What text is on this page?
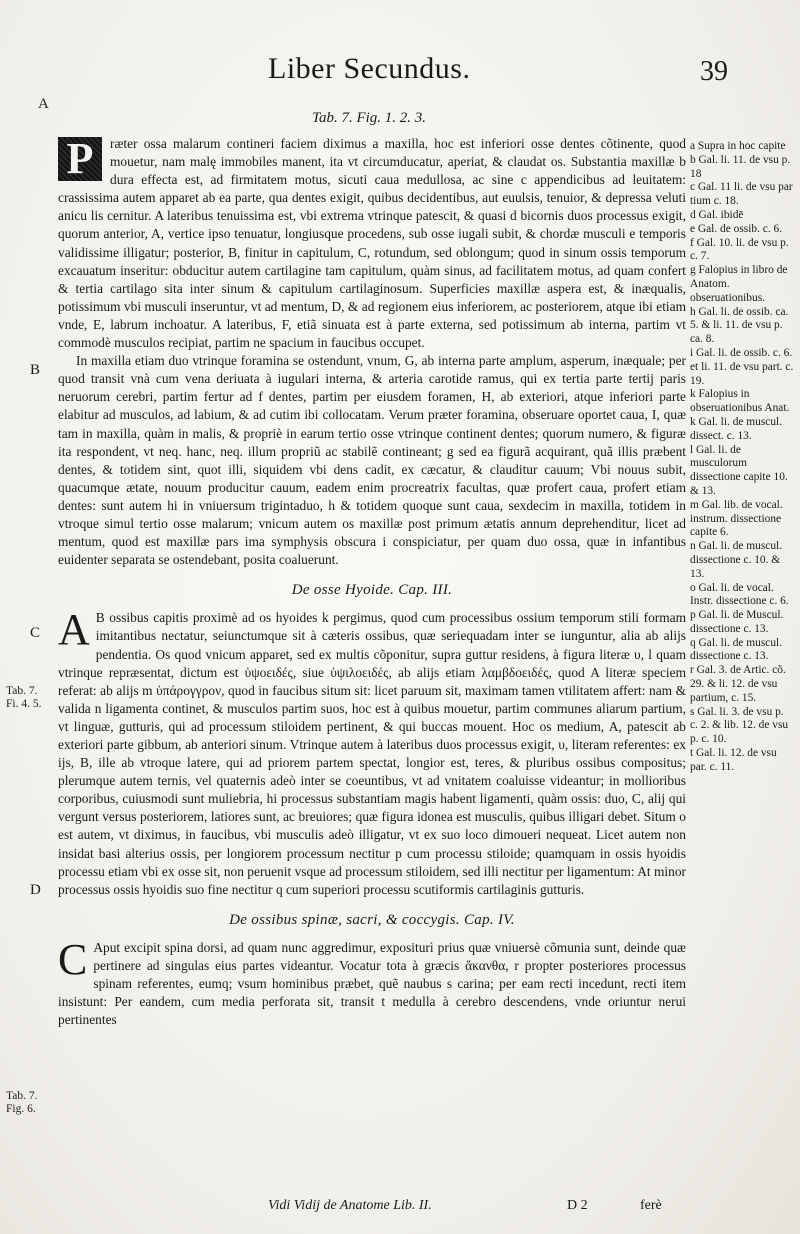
Liber Secundus.	39
A
B
C
D
Tab. 7. Fig. 1. 2. 3.
Tab. 7. Fi. 4. 5.
Tab. 7. Fig. 6.

P	ræter ossa malarum contineri faciem diximus a maxilla, hoc est inferiori osse dentes cõtinente, quod mouetur, nam malę immobiles manent, ita vt circumducatur, aperiat, & claudat os. Substantia maxillæ b dura effecta est, ad firmitatem motus, sicuti caua medullosa, ac sine c appendicibus ad leuitatem: crassissima autem apparet ab ea parte, qua dentes exigit, quibus decidentibus, aut euulsis, tenuior, & depressa veluti anicu lis cernitur. A lateribus tenuissima est, vbi extrema vtrinque patescit, & quasi d bicornis duos processus exigit, quorum anterior, A, vertice ipso tenuatur, longiusque procedens, sub osse iugali subit, & chordæ musculi e temporis validissime illigatur; posterior, B, finitur in capitulum, C, rotundum, sed oblongum; quod in sinum ossis temporum excauatum inseritur: obducitur autem cartilagine tam capitulum, quàm sinus, ad facilitatem motus, ad quam confert & tertia cartilago sita inter sinum & capitulum cartilaginosum. Superficies maxillæ aspera est, & inæqualis, potissimum vbi musculi inseruntur, vt ad mentum, D, & ad regionem eius inferiorem, ac posteriorem, atque ibi etiam vnde, E, labrum inchoatur. A lateribus, F, etiã sinuata est à parte externa, sed potissimum ab interna, partim vt commodè musculos recipiat, partim ne spacium in faucibus occupet.

In maxilla etiam duo vtrinque foramina se ostendunt, vnum, G, ab interna parte amplum, asperum, inæquale; per quod transit vnà cum vena deriuata à iugulari interna, & arteria carotide ramus, qui ex tertia parte tertij paris neruorum cerebri, partim fertur ad f dentes, partim per eiusdem foramen, H, ab exteriori, atque inferiori parte elabitur ad musculos, ad labium, & ad cutim ibi collocatam. Verum præter foramina, obseruare oportet caua, I, quæ tam in maxilla, quàm in malis, & propriè in earum tertio osse vtrinque continent dentes; quorum numero, & figuræ ita respondent, vt neq. hanc, neq. illum propriũ ac stabilẽ contineant; g sed ea figurã acquirant, quã illis præbent dentes, & totidem sint, quot illi, siquidem vbi dens cadit, ex cæcatur, & clauditur cauum; Vbi nouus subit, quacumque ætate, nouum producitur cauum, eadem enim procreatrix facultas, quæ profert caua, profert etiam dentes: sunt autem hi in vniuersum trigintaduo, h & totidem quoque sunt caua, sexdecim in maxilla, totidem in vtroque simul tertio osse malarum; vnicum autem os maxillæ post primum ætatis annum deprehenditur, licet ad mentum, quod est maxillæ pars ima symphysis obscura i conspiciatur, per quam duo ossa, quæ in infantibus euidenter separata se ostendebant, posita coaluerunt.

De osse Hyoide. Cap. III.

A B ossibus capitis proximè ad os hyoides k pergimus, quod cum processibus ossium temporum stili formam imitantibus nectatur, seiunctumque sit à cæteris ossibus, quæ seriequadam inter se iunguntur, alia ab alijs pendentia. Os quod vnicum apparet, sed ex multis cõponitur, supra guttur residens, à figura literæ υ, l quam vtrinque repræsentat, dictum est ὑψοειδές, siue ὑψιλοειδές, ab alijs etiam λαμβδοειδές, quod A literæ speciem referat: ab alijs m ὑπάρογγρον, quod in faucibus situm sit: licet paruum sit, maximam tamen vtilitatem affert: nam & valida n ligamenta continet, & musculos partim suos, hoc est à quibus mouetur, partim communes aliarum partium, vt linguæ, gutturis, qui ad processum stiloidem pertinent, & qui buccas mouent. Hoc os medium, A, patescit ab exteriori parte gibbum, ab anteriori sinum. Vtrinque autem à lateribus duos processus exigit, υ, literam referentes: ex ijs, B, ille ab vtroque latere, qui ad priorem partem spectat, longior est, teres, & pluribus ossibus compositus; plerumque autem ternis, vel quaternis adeò inter se coeuntibus, vt ad vnitatem coaluisse videantur; in mollioribus corporibus, cuiusmodi sunt muliebria, hi processus substantiam magis habent ligamenti, quàm ossis: duo, C, alij qui vergunt versus posteriorem, latiores sunt, ac breuiores; quæ figura idonea est musculis, quibus illigari debet. Situm o est autem, vt diximus, in faucibus, vbi musculis adeò illigatur, vt ex suo loco dimoueri nequeat. Licet autem non insidat basi alterius ossis, per longiorem processum nectitur p cum processu stiloide; quamquam in ossis hyoidis processu etiam vbi ex osse sit, non peruenit vsque ad processum stiloidem, sed illi nectitur per ligamentum: At minor processus ossis hyoidis suo fine nectitur q cum superiori processu scutiformis cartilaginis gutturis.

De ossibus spinæ, sacri, & coccygis. Cap. IV.

C Aput excipit spina dorsi, ad quam nunc aggredimur, expositurì prius quæ vniuersè cõmunia sunt, deinde quæ pertinere ad singulas eius partes videantur. Vocatur tota à græcis ἄκανθα, r propter posteriores processus spinam referentes, eumq; vsum hominibus præbet, quẽ naubus s carina; per eam recti incedunt, recti item insistunt: Per eandem, cum media perforata sit, transit t medulla à cerebro descendens, vnde oriuntur nerui pertinentes

a Supra in hoc capite

b Gal. li. 11. de vsu p. 18

c Gal. 11 li. de vsu par tium c. 18.

d Gal. ibidē

e Gal. de ossib. c. 6.

f Gal. 10. li. de vsu p. c. 7.

g Falopius in libro de Anatom. obseruationibus.

h Gal. li. de ossib. ca. 5. & li. 11. de vsu p. ca. 8.

i Gal. li. de ossib. c. 6. et li. 11. de vsu part. c. 19.

k Falopius in obseruationibus Anat.

k Gal. li. de muscul. dissect. c. 13.

l Gal. li. de musculorum dissectione capite 10. & 13.

m Gal. lib. de vocal. instrum. dissectione capite 6.

n Gal. li. de muscul. dissectione c. 10. & 13.

o Gal. li. de vocal. Instr. dissectione c. 6.

p Gal. li. de Muscul. dissectione c. 13.

q Gal. li. de muscul. dissectione c. 13.

r Gal. 3. de Artic. cõ. 29. & li. 12. de vsu partium, c. 15.

s Gal. li. 3. de vsu p. c. 2. & lib. 12. de vsu p. c. 10.

t Gal. li. 12. de vsu par. c. 11.

Vidi Vidij de Anatome Lib. II.	D 2	ferè
